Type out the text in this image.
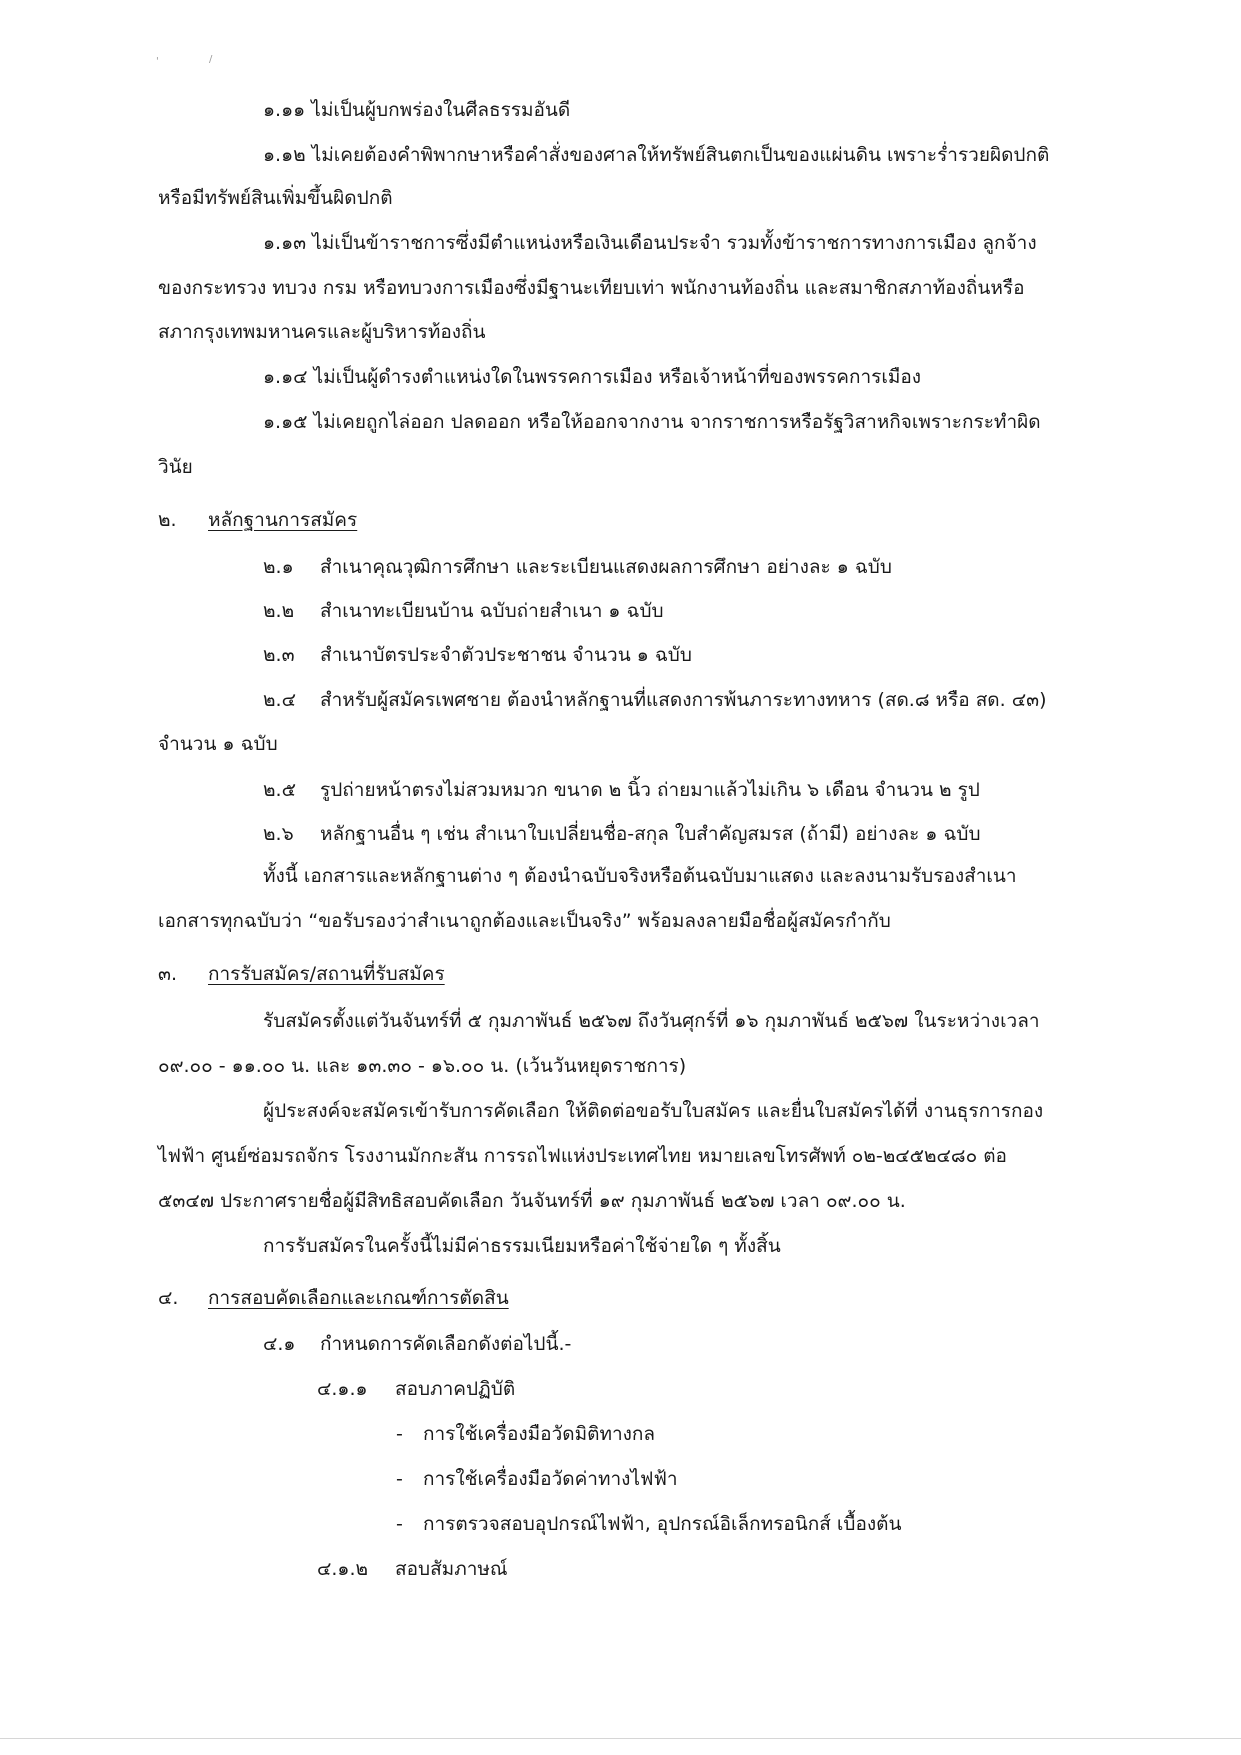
'	/
๑.๑๑ ไม่เป็นผู้บกพร่องในศีลธรรมอันดี
๑.๑๒ ไม่เคยต้องคำพิพากษาหรือคำสั่งของศาลให้ทรัพย์สินตกเป็นของแผ่นดิน เพราะร่ำรวยผิดปกติ
หรือมีทรัพย์สินเพิ่มขึ้นผิดปกติ
๑.๑๓ ไม่เป็นข้าราชการซึ่งมีตำแหน่งหรือเงินเดือนประจำ รวมทั้งข้าราชการทางการเมือง ลูกจ้าง
ของกระทรวง ทบวง กรม หรือทบวงการเมืองซึ่งมีฐานะเทียบเท่า พนักงานท้องถิ่น และสมาชิกสภาท้องถิ่นหรือ
สภากรุงเทพมหานครและผู้บริหารท้องถิ่น
๑.๑๔ ไม่เป็นผู้ดำรงตำแหน่งใดในพรรคการเมือง หรือเจ้าหน้าที่ของพรรคการเมือง
๑.๑๕ ไม่เคยถูกไล่ออก ปลดออก หรือให้ออกจากงาน จากราชการหรือรัฐวิสาหกิจเพราะกระทำผิด
วินัย
๒. หลักฐานการสมัคร
๒.๑ สำเนาคุณวุฒิการศึกษา และระเบียนแสดงผลการศึกษา อย่างละ ๑ ฉบับ
๒.๒ สำเนาทะเบียนบ้าน ฉบับถ่ายสำเนา ๑ ฉบับ
๒.๓ สำเนาบัตรประจำตัวประชาชน จำนวน ๑ ฉบับ
๒.๔ สำหรับผู้สมัครเพศชาย ต้องนำหลักฐานที่แสดงการพ้นภาระทางทหาร (สด.๘ หรือ สด. ๔๓)
จำนวน ๑ ฉบับ
๒.๕ รูปถ่ายหน้าตรงไม่สวมหมวก ขนาด ๒ นิ้ว ถ่ายมาแล้วไม่เกิน ๖ เดือน จำนวน ๒ รูป
๒.๖ หลักฐานอื่น ๆ เช่น สำเนาใบเปลี่ยนชื่อ-สกุล ใบสำคัญสมรส (ถ้ามี) อย่างละ ๑ ฉบับ
ทั้งนี้ เอกสารและหลักฐานต่าง ๆ ต้องนำฉบับจริงหรือต้นฉบับมาแสดง และลงนามรับรองสำเนา
เอกสารทุกฉบับว่า “ขอรับรองว่าสำเนาถูกต้องและเป็นจริง” พร้อมลงลายมือชื่อผู้สมัครกำกับ
๓. การรับสมัคร/สถานที่รับสมัคร
รับสมัครตั้งแต่วันจันทร์ที่ ๕ กุมภาพันธ์ ๒๕๖๗ ถึงวันศุกร์ที่ ๑๖ กุมภาพันธ์ ๒๕๖๗ ในระหว่างเวลา
๐๙.๐๐ - ๑๑.๐๐ น. และ ๑๓.๓๐ - ๑๖.๐๐ น. (เว้นวันหยุดราชการ)
ผู้ประสงค์จะสมัครเข้ารับการคัดเลือก ให้ติดต่อขอรับใบสมัคร และยื่นใบสมัครได้ที่ งานธุรการกอง
ไฟฟ้า ศูนย์ซ่อมรถจักร โรงงานมักกะสัน การรถไฟแห่งประเทศไทย หมายเลขโทรศัพท์ ๐๒-๒๔๕๒๔๘๐ ต่อ
๕๓๔๗ ประกาศรายชื่อผู้มีสิทธิสอบคัดเลือก วันจันทร์ที่ ๑๙ กุมภาพันธ์ ๒๕๖๗ เวลา ๐๙.๐๐ น.
การรับสมัครในครั้งนี้ไม่มีค่าธรรมเนียมหรือค่าใช้จ่ายใด ๆ ทั้งสิ้น
๔. การสอบคัดเลือกและเกณฑ์การตัดสิน
๔.๑ กำหนดการคัดเลือกดังต่อไปนี้.-
๔.๑.๑ สอบภาคปฏิบัติ
- การใช้เครื่องมือวัดมิติทางกล
- การใช้เครื่องมือวัดค่าทางไฟฟ้า
- การตรวจสอบอุปกรณ์ไฟฟ้า, อุปกรณ์อิเล็กทรอนิกส์ เบื้องต้น
๔.๑.๒ สอบสัมภาษณ์
